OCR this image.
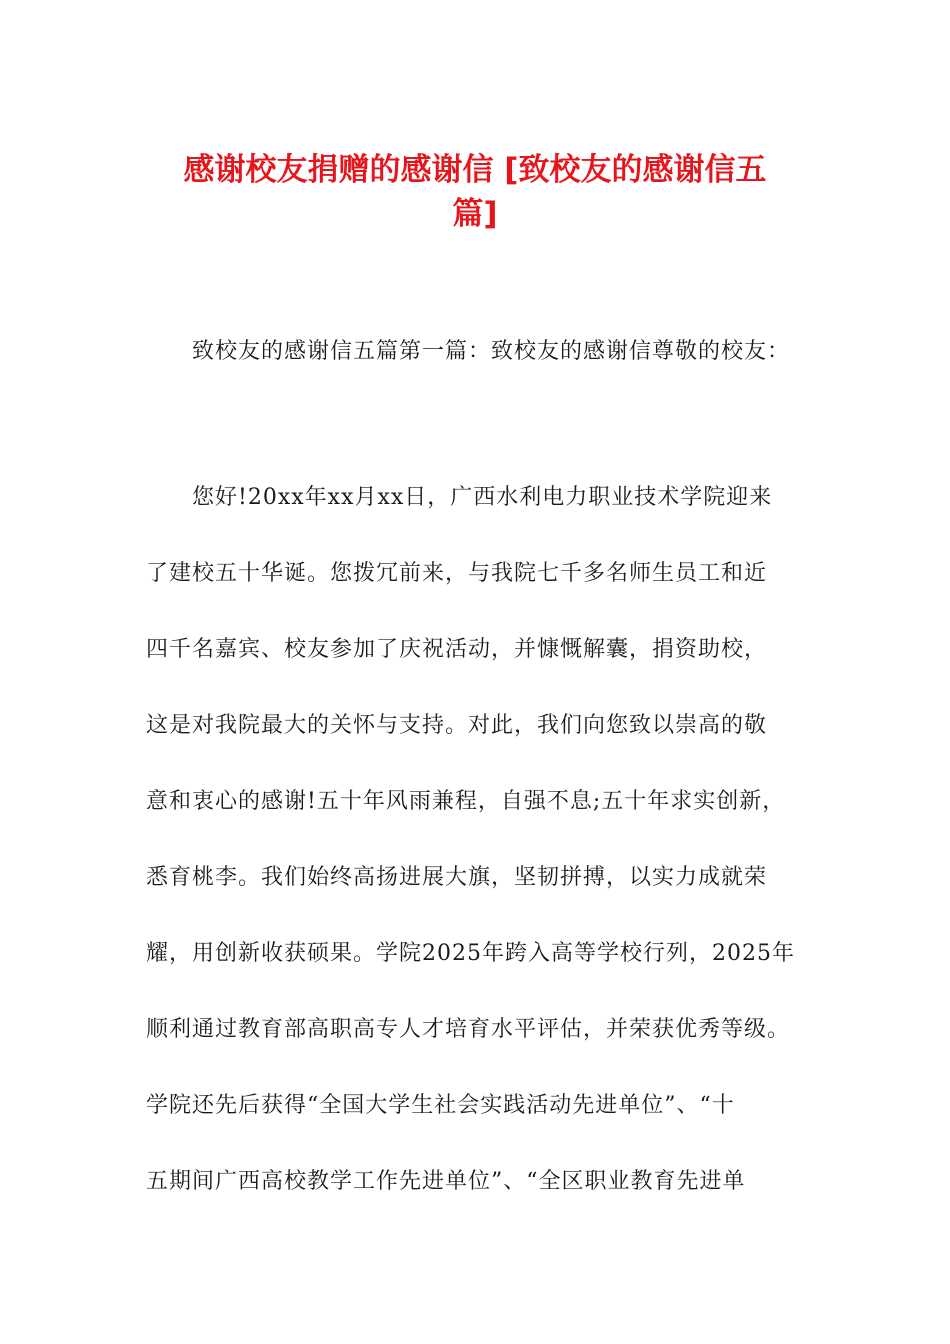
感谢校友捐赠的感谢信 [致校友的感谢信五
篇]
　　致校友的感谢信五篇第一篇：致校友的感谢信尊敬的校友：
　　您好!20xx年xx月xx日，广西水利电力职业技术学院迎来
了建校五十华诞。您拨冗前来，与我院七千多名师生员工和近
四千名嘉宾、校友参加了庆祝活动，并慷慨解囊，捐资助校，
这是对我院最大的关怀与支持。对此，我们向您致以崇高的敬
意和衷心的感谢!五十年风雨兼程，自强不息;五十年求实创新，
悉育桃李。我们始终高扬进展大旗，坚韧拼搏，以实力成就荣
耀，用创新收获硕果。学院2025年跨入高等学校行列，2025年
顺利通过教育部高职高专人才培育水平评估，并荣获优秀等级。
学院还先后获得“全国大学生社会实践活动先进单位”、“十
五期间广西高校教学工作先进单位”、“全区职业教育先进单
